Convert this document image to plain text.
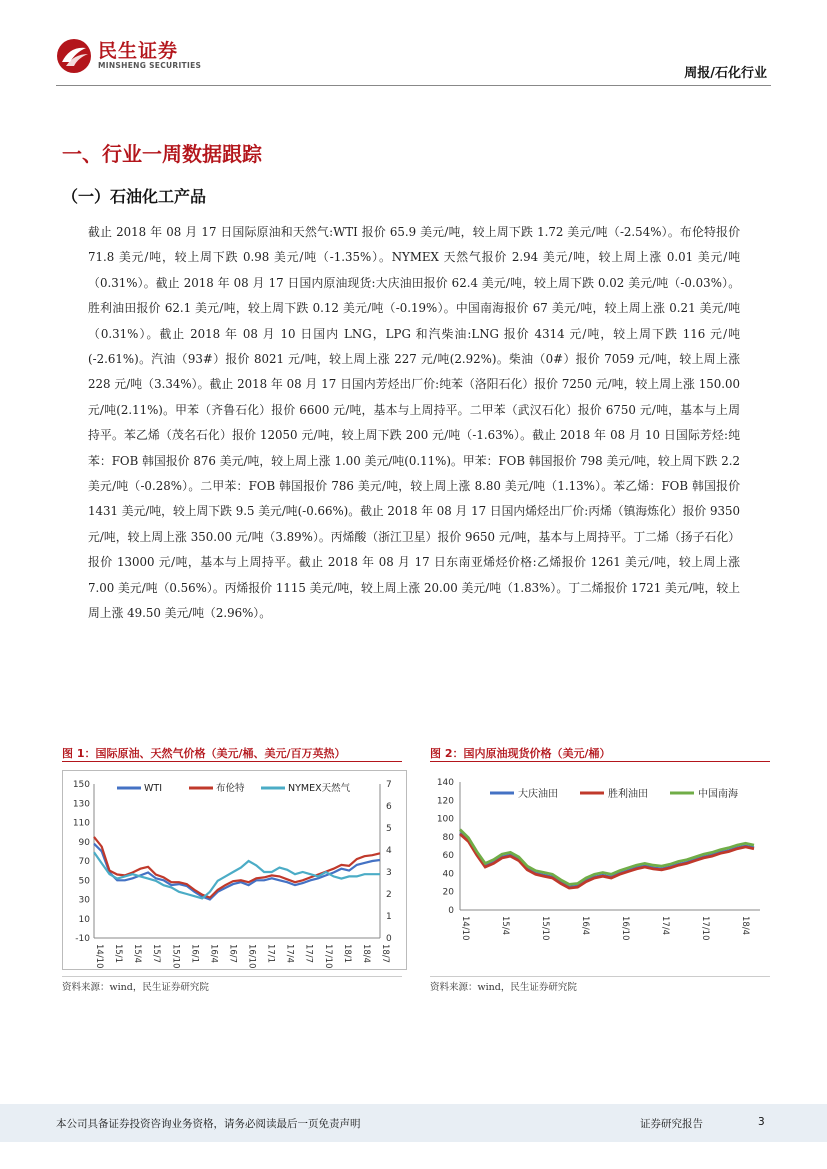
民生证券
MINSHENG SECURITIES
周报/石化行业
一、行业一周数据跟踪
（一）石油化工产品
截止 2018 年 08 月 17 日国际原油和天然气:WTI 报价 65.9 美元/吨，较上周下跌 1.72 美元/吨（-2.54%）。布伦特报价 71.8 美元/吨，较上周下跌 0.98 美元/吨（-1.35%）。NYMEX 天然气报价 2.94 美元/吨，较上周上涨 0.01 美元/吨（0.31%）。截止 2018 年 08 月 17 日国内原油现货:大庆油田报价 62.4 美元/吨，较上周下跌 0.02 美元/吨（-0.03%）。胜利油田报价 62.1 美元/吨，较上周下跌 0.12 美元/吨（-0.19%）。中国南海报价 67 美元/吨，较上周上涨 0.21 美元/吨（0.31%）。截止 2018 年 08 月 10 日国内 LNG，LPG 和汽柴油:LNG 报价 4314 元/吨，较上周下跌 116 元/吨(-2.61%)。汽油（93#）报价 8021 元/吨，较上周上涨 227 元/吨(2.92%)。柴油（0#）报价 7059 元/吨，较上周上涨 228 元/吨（3.34%）。截止 2018 年 08 月 17 日国内芳烃出厂价:纯苯（洛阳石化）报价 7250 元/吨，较上周上涨 150.00 元/吨(2.11%)。甲苯（齐鲁石化）报价 6600 元/吨，基本与上周持平。二甲苯（武汉石化）报价 6750 元/吨，基本与上周持平。苯乙烯（茂名石化）报价 12050 元/吨，较上周下跌 200 元/吨（-1.63%）。截止 2018 年 08 月 10 日国际芳烃:纯苯：FOB 韩国报价 876 美元/吨，较上周上涨 1.00 美元/吨(0.11%)。甲苯：FOB 韩国报价 798 美元/吨，较上周下跌 2.2 美元/吨（-0.28%）。二甲苯：FOB 韩国报价 786 美元/吨，较上周上涨 8.80 美元/吨（1.13%）。苯乙烯：FOB 韩国报价 1431 美元/吨，较上周下跌 9.5 美元/吨(-0.66%)。截止 2018 年 08 月 17 日国内烯烃出厂价:丙烯（镇海炼化）报价 9350 元/吨，较上周上涨 350.00 元/吨（3.89%）。丙烯酸（浙江卫星）报价 9650 元/吨，基本与上周持平。丁二烯（扬子石化）报价 13000 元/吨，基本与上周持平。截止 2018 年 08 月 17 日东南亚烯烃价格:乙烯报价 1261 美元/吨，较上周上涨 7.00 美元/吨（0.56%）。丙烯报价 1115 美元/吨，较上周上涨 20.00 美元/吨（1.83%）。丁二烯报价 1721 美元/吨，较上周上涨 49.50 美元/吨（2.96%）。
图 1：国际原油、天然气价格（美元/桶、美元/百万英热）
-10
10
30
50
70
90
110
130
150
0
1
2
3
4
5
6
7
14/10 15/1 15/4 15/7 15/10 16/1 16/4 16/7 16/10 17/1 17/4 17/7 17/10 18/1 18/4 18/7
WTI	布伦特	NYMEX天然气
资料来源：wind，民生证券研究院
图 2：国内原油现货价格（美元/桶）
0
20
40
60
80
100
120
140
14/10	15/4	15/10	16/4	16/10	17/4	17/10	18/4
大庆油田	胜利油田	中国南海
资料来源：wind，民生证券研究院
本公司具备证券投资咨询业务资格，请务必阅读最后一页免责声明	证券研究报告	3
